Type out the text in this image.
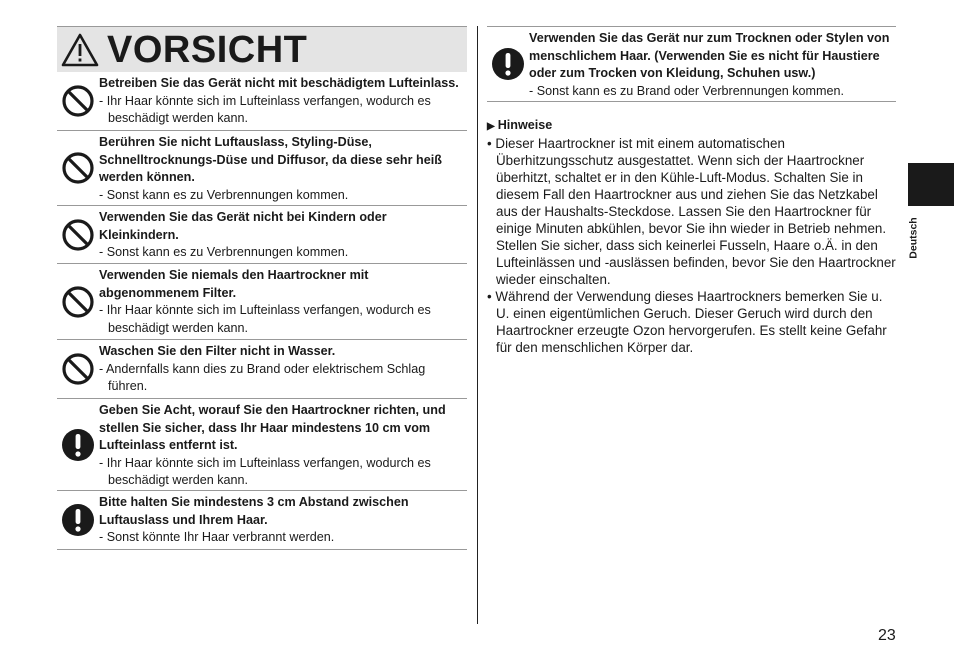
VORSICHT
Betreiben Sie das Gerät nicht mit beschädigtem Lufteinlass.
- Ihr Haar könnte sich im Lufteinlass verfangen, wodurch es beschädigt werden kann.
Berühren Sie nicht Luftauslass, Styling-Düse, Schnelltrocknungs-Düse und Diffusor, da diese sehr heiß werden können.
- Sonst kann es zu Verbrennungen kommen.
Verwenden Sie das Gerät nicht bei Kindern oder Kleinkindern.
- Sonst kann es zu Verbrennungen kommen.
Verwenden Sie niemals den Haartrockner mit abgenommenem Filter.
- Ihr Haar könnte sich im Lufteinlass verfangen, wodurch es beschädigt werden kann.
Waschen Sie den Filter nicht in Wasser.
- Andernfalls kann dies zu Brand oder elektrischem Schlag führen.
Geben Sie Acht, worauf Sie den Haartrockner richten, und stellen Sie sicher, dass Ihr Haar mindestens 10 cm vom Lufteinlass entfernt ist.
- Ihr Haar könnte sich im Lufteinlass verfangen, wodurch es beschädigt werden kann.
Bitte halten Sie mindestens 3 cm Abstand zwischen Luftauslass und Ihrem Haar.
- Sonst könnte Ihr Haar verbrannt werden.
Verwenden Sie das Gerät nur zum Trocknen oder Stylen von menschlichem Haar. (Verwenden Sie es nicht für Haustiere oder zum Trocken von Kleidung, Schuhen usw.)
- Sonst kann es zu Brand oder Verbrennungen kommen.
▶ Hinweise
• Dieser Haartrockner ist mit einem automatischen Überhitzungsschutz ausgestattet. Wenn sich der Haartrockner überhitzt, schaltet er in den Kühle-Luft-Modus. Schalten Sie in diesem Fall den Haartrockner aus und ziehen Sie das Netzkabel aus der Haushalts-Steckdose. Lassen Sie den Haartrockner für einige Minuten abkühlen, bevor Sie ihn wieder in Betrieb nehmen. Stellen Sie sicher, dass sich keinerlei Fusseln, Haare o.Ä. in den Lufteinlässen und -auslässen befinden, bevor Sie den Haartrockner wieder einschalten.
• Während der Verwendung dieses Haartrockners bemerken Sie u. U. einen eigentümlichen Geruch. Dieser Geruch wird durch den Haartrockner erzeugte Ozon hervorgerufen. Es stellt keine Gefahr für den menschlichen Körper dar.
Deutsch
23
